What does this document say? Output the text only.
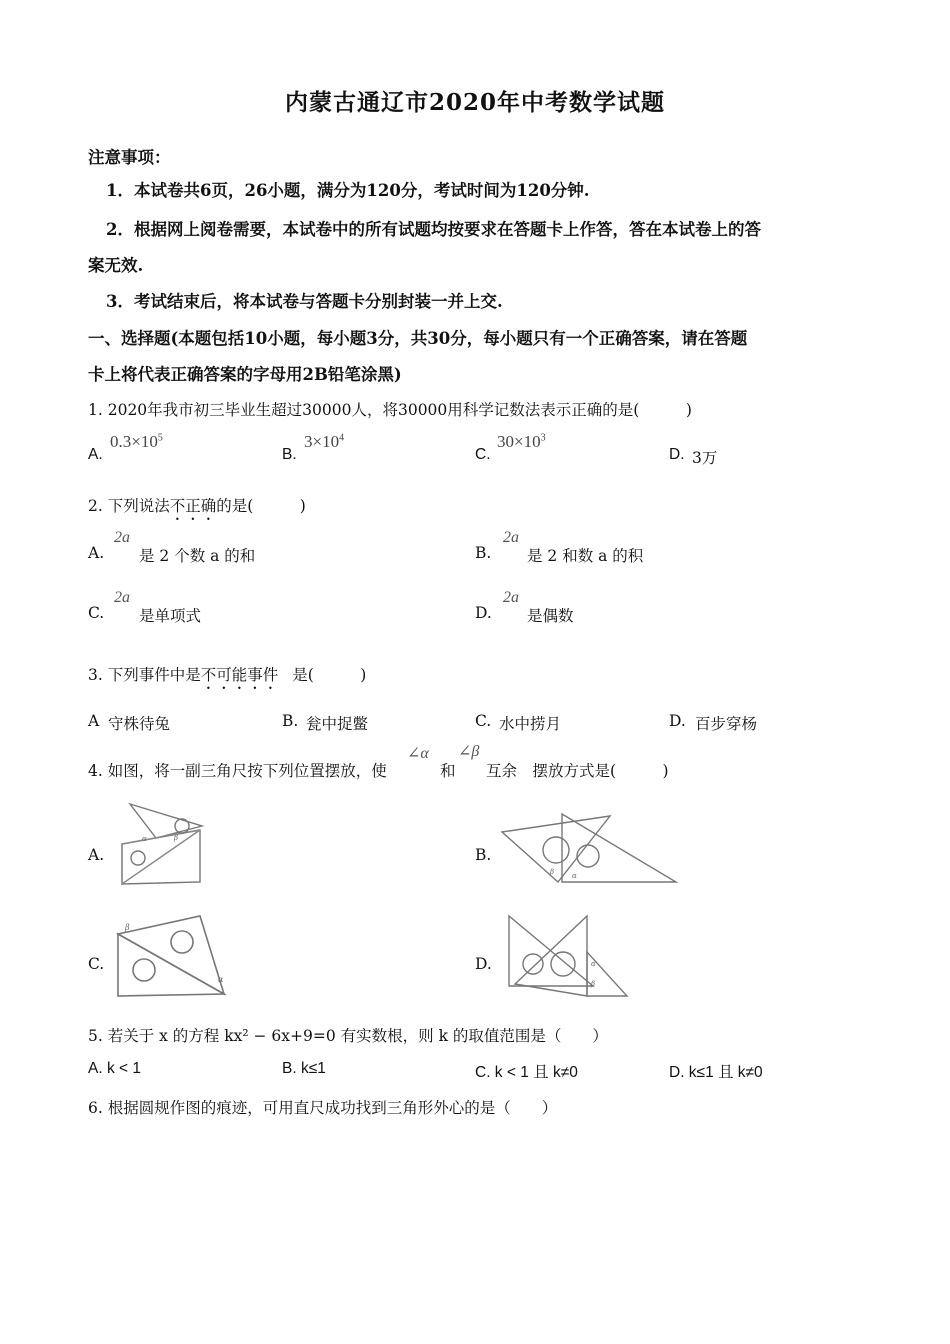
内蒙古通辽市2020年中考数学试题
注意事项：
1．本试卷共6页，26小题，满分为120分，考试时间为120分钟.
2．根据网上阅卷需要，本试卷中的所有试题均按要求在答题卡上作答，答在本试卷上的答
案无效.
3．考试结束后，将本试卷与答题卡分别封装一并上交.
一、选择题(本题包括10小题，每小题3分，共30分，每小题只有一个正确答案，请在答题
卡上将代表正确答案的字母用2B铅笔涂黑)
1. 2020年我市初三毕业生超过30000人，将30000用科学记数法表示正确的是(　　　)
A.
$0.3\times 10^5$
B.
$3\times 10^4$
C.
$30\times 10^3$
D. 3万
2. 下列说法不正确的是(　　　)
A.
2a
是 2 个数 a 的和	B.
2a
是 2 和数 a 的积
C.
2a
是单项式	D.
2a
是偶数
3. 下列事件中是不可能事件 是(　　　)
A 守株待兔	B. 瓮中捉鳖	C. 水中捞月	D. 百步穿杨
4. 如图，将一副三角尺按下列位置摆放，使
∠α
和
∠β
互余　摆放方式是(　　　)
A.	B.
C.	D.
α	β
β	α
β
α
α
β
5. 若关于 x 的方程 kx² − 6x+9=0 有实数根，则 k 的取值范围是（　　）
A. k < 1	B. k≤1	C. k < 1 且 k≠0	D. k≤1 且 k≠0
6. 根据圆规作图的痕迹，可用直尺成功找到三角形外心的是（　　）
